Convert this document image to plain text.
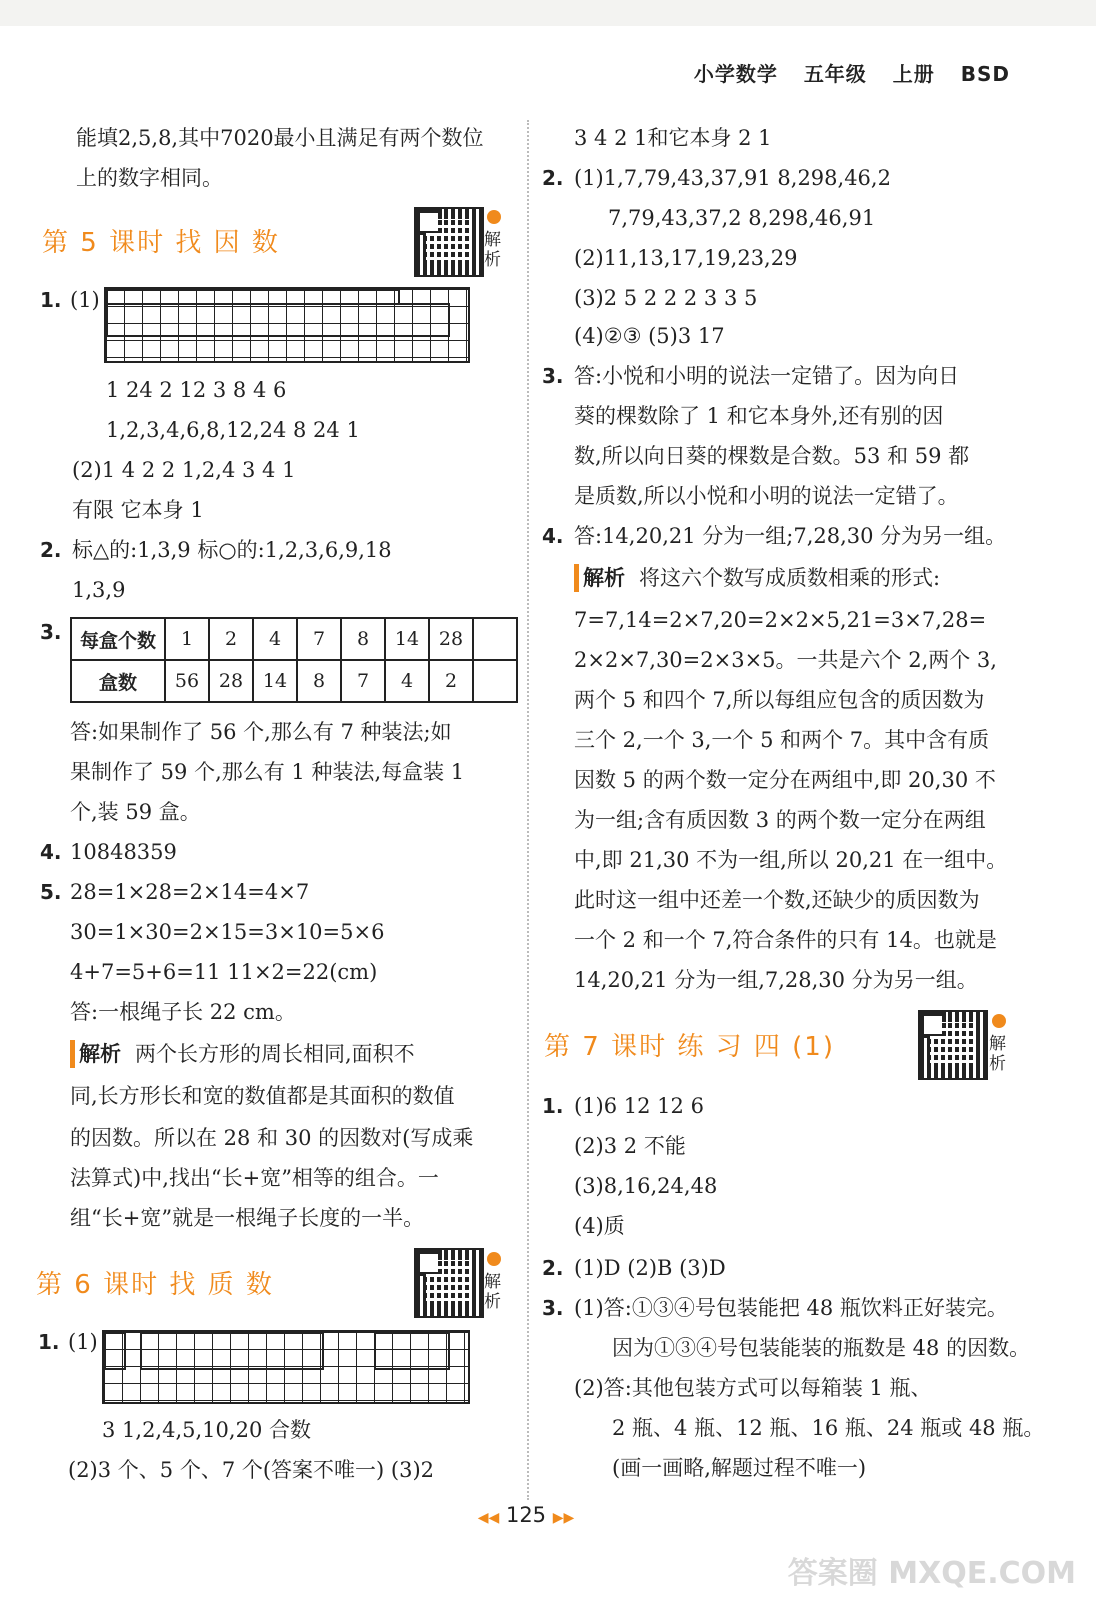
小学数学 五年级 上册 BSD
能填2,5,8,其中7020最小且满足有两个数位
上的数字相同。
第 5 课时 找 因 数	解析
1. (1)
1 24 2 12 3 8 4 6
1,2,3,4,6,8,12,24 8 24 1
(2)1 4 2 2 1,2,4 3 4 1
有限 它本身 1
2. 标△的:1,3,9 标○的:1,2,3,6,9,18
1,3,9
3. 每盒个数	1	2	4	7	8	14	28	
盒数	56	28	14	8	7	4	2	
答:如果制作了 56 个,那么有 7 种装法;如
果制作了 59 个,那么有 1 种装法,每盒装 1
个,装 59 盒。
4. 10848359
5. 28=1×28=2×14=4×7
30=1×30=2×15=3×10=5×6
4+7=5+6=11 11×2=22(cm)
答:一根绳子长 22 cm。
解析 两个长方形的周长相同,面积不
同,长方形长和宽的数值都是其面积的数值
的因数。所以在 28 和 30 的因数对(写成乘
法算式)中,找出“长+宽”相等的组合。一
组“长+宽”就是一根绳子长度的一半。
第 6 课时 找 质 数	解析
1. (1)
3 1,2,4,5,10,20 合数
(2)3 个、5 个、7 个(答案不唯一) (3)2
3 4 2 1和它本身 2 1
2. (1)1,7,79,43,37,91 8,298,46,2
7,79,43,37,2 8,298,46,91
(2)11,13,17,19,23,29
(3)2 5 2 2 2 3 3 5
(4)②③ (5)3 17
3. 答:小悦和小明的说法一定错了。因为向日
葵的棵数除了 1 和它本身外,还有别的因
数,所以向日葵的棵数是合数。53 和 59 都
是质数,所以小悦和小明的说法一定错了。
4. 答:14,20,21 分为一组;7,28,30 分为另一组。
解析 将这六个数写成质数相乘的形式:
7=7,14=2×7,20=2×2×5,21=3×7,28=
2×2×7,30=2×3×5。一共是六个 2,两个 3,
两个 5 和四个 7,所以每组应包含的质因数为
三个 2,一个 3,一个 5 和两个 7。其中含有质
因数 5 的两个数一定分在两组中,即 20,30 不
为一组;含有质因数 3 的两个数一定分在两组
中,即 21,30 不为一组,所以 20,21 在一组中。
此时这一组中还差一个数,还缺少的质因数为
一个 2 和一个 7,符合条件的只有 14。也就是
14,20,21 分为一组,7,28,30 分为另一组。
第 7 课时 练 习 四 (1)	解析
1. (1)6 12 12 6
(2)3 2 不能
(3)8,16,24,48
(4)质
2. (1)D (2)B (3)D
3. (1)答:①③④号包装能把 48 瓶饮料正好装完。
因为①③④号包装能装的瓶数是 48 的因数。
(2)答:其他包装方式可以每箱装 1 瓶、
2 瓶、4 瓶、12 瓶、16 瓶、24 瓶或 48 瓶。
(画一画略,解题过程不唯一)
◀◀ 125 ▶▶
答案圈 MXQE.COM
